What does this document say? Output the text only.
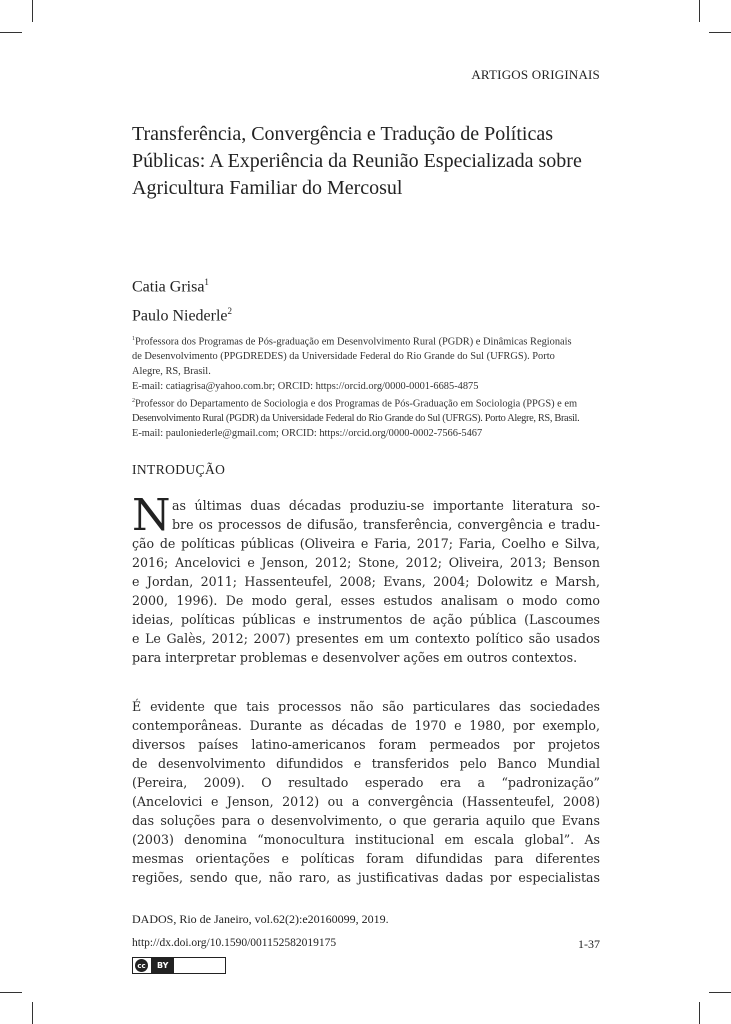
ARTIGOS ORIGINAIS
Transferência, Convergência e Tradução de Políticas
Públicas: A Experiência da Reunião Especializada sobre
Agricultura Familiar do Mercosul
Catia Grisa$^1$
Paulo Niederle$^2$
$^1$Professora dos Programas de Pós-graduação em Desenvolvimento Rural (PGDR) e Dinâmicas Regionais
de Desenvolvimento (PPGDREDES) da Universidade Federal do Rio Grande do Sul (UFRGS). Porto
Alegre, RS, Brasil.
E-mail: catiagrisa@yahoo.com.br; ORCID: https://orcid.org/0000-0001-6685-4875
$^2$Professor do Departamento de Sociologia e dos Programas de Pós-Graduação em Sociologia (PPGS) e em
Desenvolvimento Rural (PGDR) da Universidade Federal do Rio Grande do Sul (UFRGS). Porto Alegre, RS, Brasil.
E-mail: pauloniederle@gmail.com; ORCID: https://orcid.org/0000-0002-7566-5467
INTRODUÇÃO
N as últimas duas décadas produziu-se importante literatura so-
bre os processos de difusão, transferência, convergência e tradu-
ção de políticas públicas (Oliveira e Faria, 2017; Faria, Coelho e Silva,
2016; Ancelovici e Jenson, 2012; Stone, 2012; Oliveira, 2013; Benson
e Jordan, 2011; Hassenteufel, 2008; Evans, 2004; Dolowitz e Marsh,
2000, 1996). De modo geral, esses estudos analisam o modo como
ideias, políticas públicas e instrumentos de ação pública (Lascoumes
e Le Galès, 2012; 2007) presentes em um contexto político são usados
para interpretar problemas e desenvolver ações em outros contextos.
É evidente que tais processos não são particulares das sociedades
contemporâneas. Durante as décadas de 1970 e 1980, por exemplo,
diversos países latino-americanos foram permeados por projetos
de desenvolvimento difundidos e transferidos pelo Banco Mundial
(Pereira, 2009). O resultado esperado era a “padronização”
(Ancelovici e Jenson, 2012) ou a convergência (Hassenteufel, 2008)
das soluções para o desenvolvimento, o que geraria aquilo que Evans
(2003) denomina “monocultura institucional em escala global”. As
mesmas orientações e políticas foram difundidas para diferentes
regiões, sendo que, não raro, as justificativas dadas por especialistas
DADOS, Rio de Janeiro, vol.62(2):e20160099, 2019.
http://dx.doi.org/10.1590/001152582019175	1-37
cc	BY
